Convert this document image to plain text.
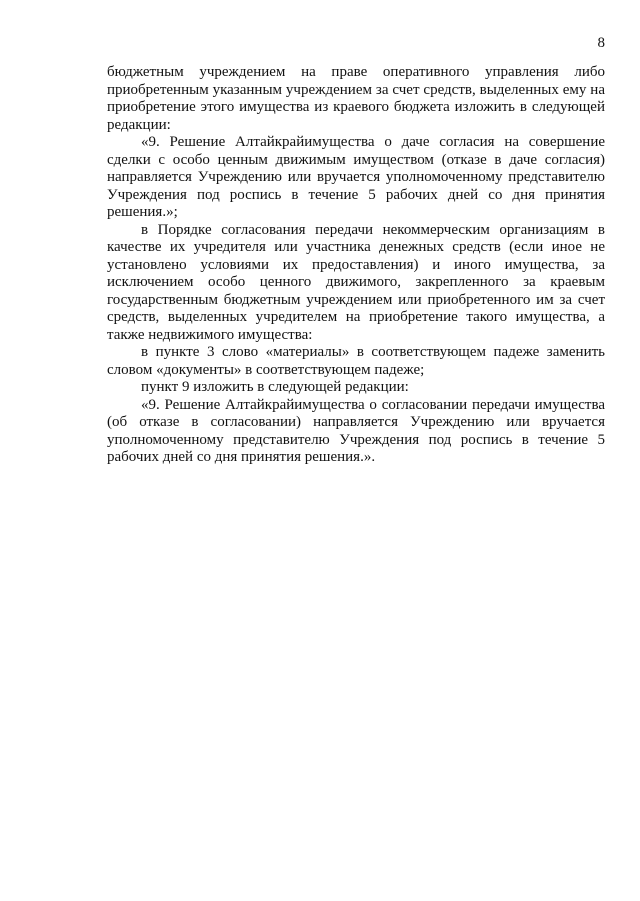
8

бюджетным учреждением на праве оперативного управления либо приобретенным указанным учреждением за счет средств, выделенных ему на приобретение этого имущества из краевого бюджета изложить в следующей редакции:

«9. Решение Алтайкрайимущества о даче согласия на совершение сделки с особо ценным движимым имуществом (отказе в даче согласия) направляется Учреждению или вручается уполномоченному представителю Учреждения под роспись в течение 5 рабочих дней со дня принятия решения.»;

в Порядке согласования передачи некоммерческим организациям в качестве их учредителя или участника денежных средств (если иное не установлено условиями их предоставления) и иного имущества, за исключением особо ценного движимого, закрепленного за краевым государственным бюджетным учреждением или приобретенного им за счет средств, выделенных учредителем на приобретение такого имущества, а также недвижимого имущества:

в пункте 3 слово «материалы» в соответствующем падеже заменить словом «документы» в соответствующем падеже;

пункт 9 изложить в следующей редакции:

«9. Решение Алтайкрайимущества о согласовании передачи имущества (об отказе в согласовании) направляется Учреждению или вручается уполномоченному представителю Учреждения под роспись в течение 5 рабочих дней со дня принятия решения.».
